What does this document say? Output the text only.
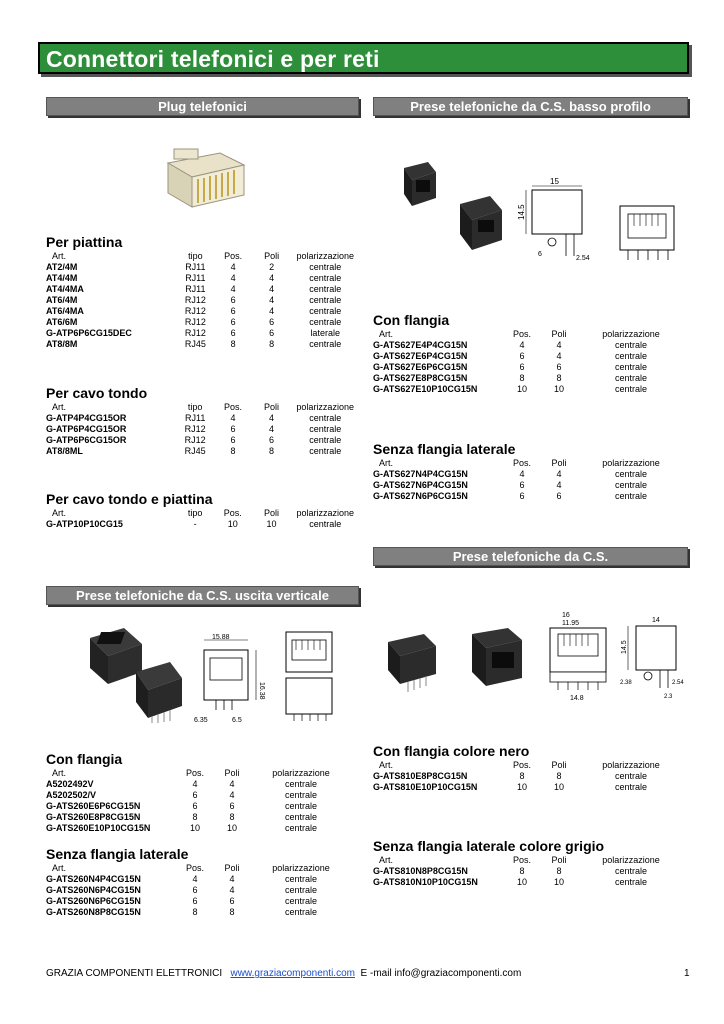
Connettori telefonici e per reti
Plug telefonici
Per piattina
Art.	tipo	Pos.	Poli	polarizzazione
AT2/4M	RJ11	4	2	centrale
AT4/4M	RJ11	4	4	centrale
AT4/4MA	RJ11	4	4	centrale
AT6/4M	RJ12	6	4	centrale
AT6/4MA	RJ12	6	4	centrale
AT6/6M	RJ12	6	6	centrale
G-ATP6P6CG15DEC	RJ12	6	6	laterale
AT8/8M	RJ45	8	8	centrale
Per cavo tondo
Art.	tipo	Pos.	Poli	polarizzazione
G-ATP4P4CG15OR	RJ11	4	4	centrale
G-ATP6P4CG15OR	RJ12	6	4	centrale
G-ATP6P6CG15OR	RJ12	6	6	centrale
AT8/8ML	RJ45	8	8	centrale
Per cavo tondo e piattina
Art.	tipo	Pos.	Poli	polarizzazione
G-ATP10P10CG15	-	10	10	centrale
Prese telefoniche da C.S. uscita verticale
15.88
16.38
6.35	6.5
Con flangia
Art.	Pos.	Poli	polarizzazione
A5202492V	4	4	centrale
A5202502/V	6	4	centrale
G-ATS260E6P6CG15N	6	6	centrale
G-ATS260E8P8CG15N	8	8	centrale
G-ATS260E10P10CG15N	10	10	centrale
Senza flangia laterale
Art.	Pos.	Poli	polarizzazione
G-ATS260N4P4CG15N	4	4	centrale
G-ATS260N6P4CG15N	6	4	centrale
G-ATS260N6P6CG15N	6	6	centrale
G-ATS260N8P8CG15N	8	8	centrale
Prese telefoniche da C.S. basso profilo
15
14.5
6
2.54
Con flangia
Art.	Pos.	Poli	polarizzazione
G-ATS627E4P4CG15N	4	4	centrale
G-ATS627E6P4CG15N	6	4	centrale
G-ATS627E6P6CG15N	6	6	centrale
G-ATS627E8P8CG15N	8	8	centrale
G-ATS627E10P10CG15N	10	10	centrale
Senza flangia laterale
Art.	Pos.	Poli	polarizzazione
G-ATS627N4P4CG15N	4	4	centrale
G-ATS627N6P4CG15N	6	4	centrale
G-ATS627N6P6CG15N	6	6	centrale
Prese telefoniche da C.S.
16
11.95
14.8
14
14.5
2.38	2.54
2.3
Con flangia colore nero
Art.	Pos.	Poli	polarizzazione
G-ATS810E8P8CG15N	8	8	centrale
G-ATS810E10P10CG15N	10	10	centrale
Senza flangia laterale colore grigio
Art.	Pos.	Poli	polarizzazione
G-ATS810N8P8CG15N	8	8	centrale
G-ATS810N10P10CG15N	10	10	centrale
GRAZIA COMPONENTI ELETTRONICI www.graziacomponenti.com E -mail info@graziacomponenti.com	1
